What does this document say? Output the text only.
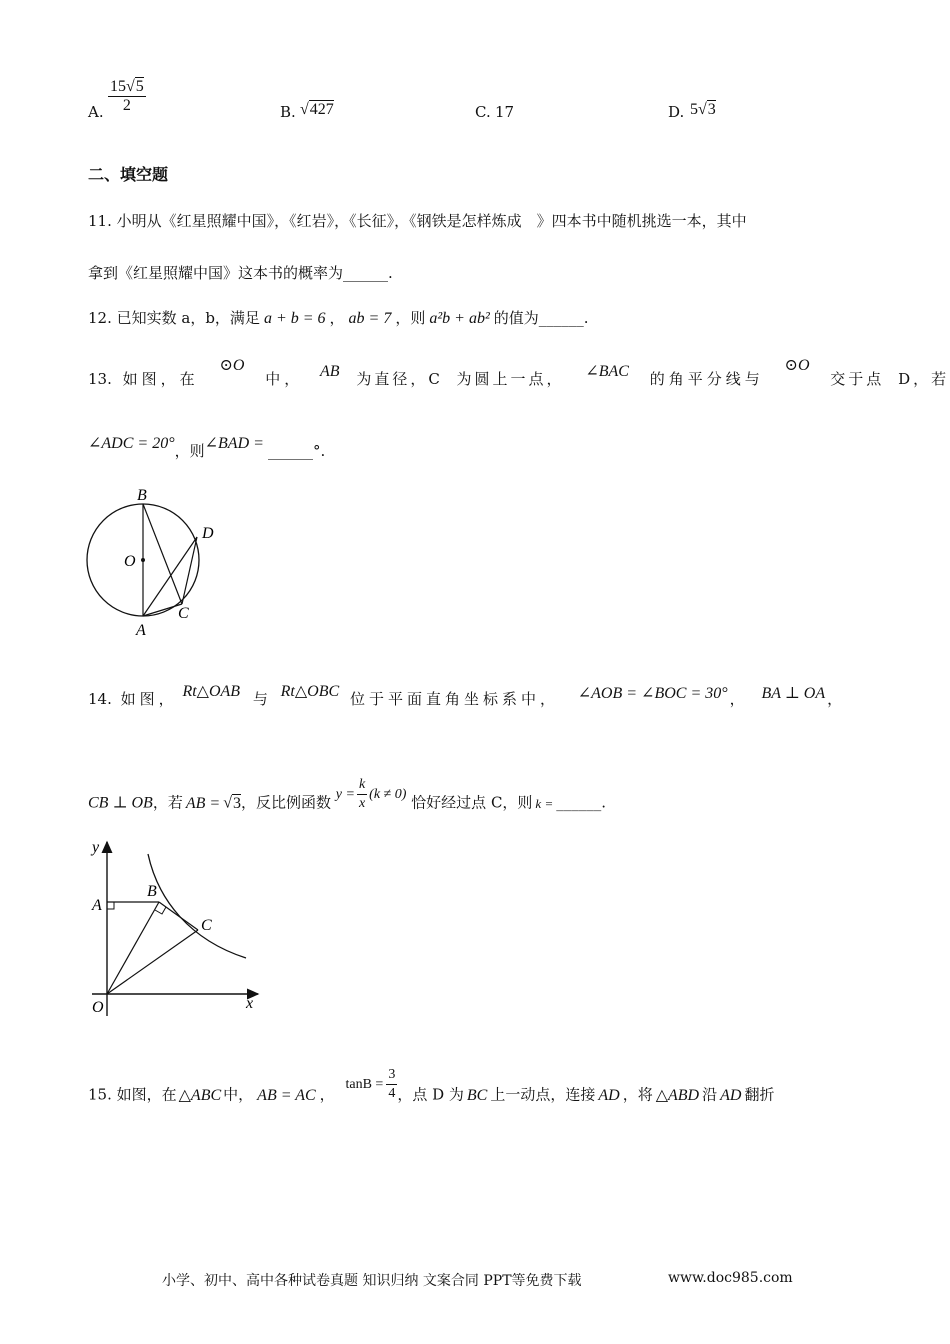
A. $\frac{15√5}{2}$	B. √427	C. 17	D. 5√3
二、填空题
11. 小明从《红星照耀中国》，《红岩》，《长征》，《钢铁是怎样炼成　》四本书中随机挑选一本，其中
拿到《红星照耀中国》这本书的概率为______.
12. 已知实数 a，b，满足 a + b = 6 ， ab = 7 ，则 a²b + ab² 的值为______.
13. 如图，在 ⊙O 中， AB 为直径，C 为圆上一点， ∠BAC 的角平分线与 ⊙O 交于点 D，若
∠ADC = 20°，则∠BAD = ______°.
B
O
D
C
A
14. 如图， Rt△OAB 与 Rt△OBC 位于平面直角坐标系中， ∠AOB = ∠BOC = 30° ， BA ⊥ OA ，
CB ⊥ OB，若 AB = √3，反比例函数 $y = \frac{k}{x} (k \ne 0)$ 恰好经过点 C，则 k = ______.
y
x
A
B
C
O
15. 如图，在 △ABC 中， AB = AC ， $\tan B = \frac{3}{4}$ ，点 D 为 BC 上一动点，连接 AD ，将 △ABD 沿 AD 翻折
小学、初中、高中各种试卷真题 知识归纳 文案合同 PPT等免费下载	www.doc985.com
